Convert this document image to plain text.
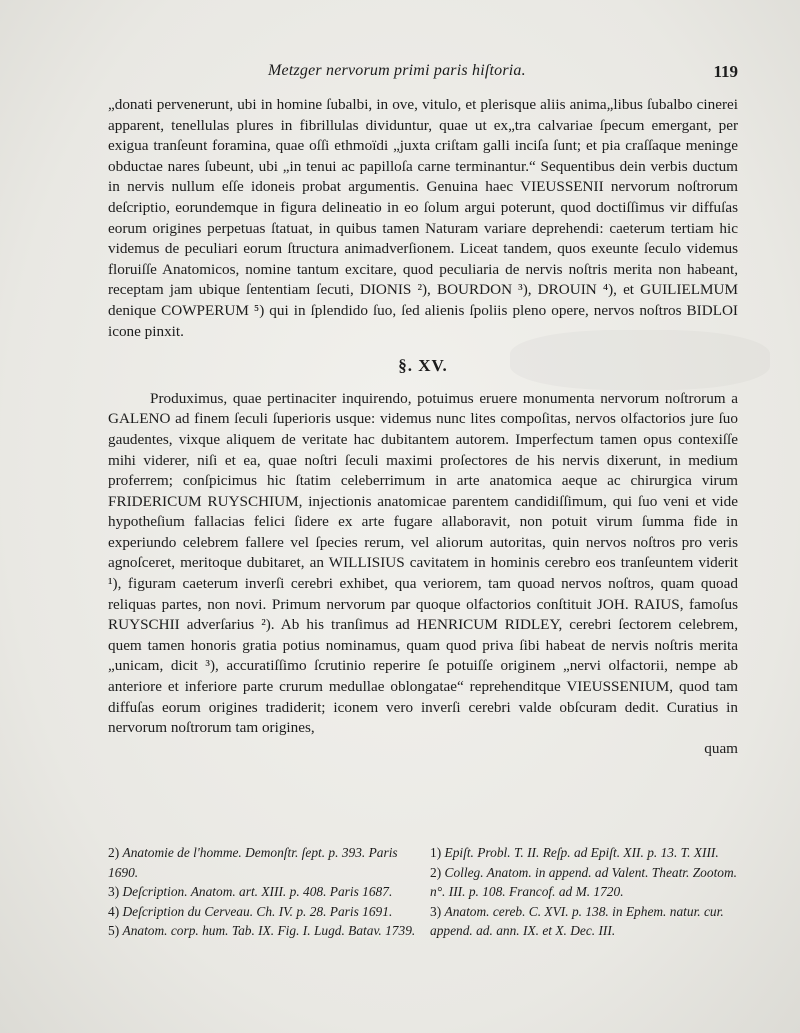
Metzger nervorum primi paris hiſtoria.	119

„donati pervenerunt, ubi in homine ſubalbi, in ove, vitulo, et plerisque aliis anima„libus ſubalbo cinerei apparent, tenellulas plures in fibrillulas dividuntur, quae ut ex„tra calvariae ſpecum emergant, per exigua tranſeunt foramina, quae oſſi ethmoïdi „juxta criſtam galli inciſa ſunt; et pia craſſaque meninge obductae nares ſubeunt, ubi „in tenui ac papilloſa carne terminantur.“ Sequentibus dein verbis ductum in nervis nullum eſſe idoneis probat argumentis. Genuina haec VIEUSSENII nervorum noſtrorum deſcriptio, eorundemque in figura delineatio in eo ſolum argui poterunt, quod doctiſſimus vir diffuſas eorum origines perpetuas ſtatuat, in quibus tamen Naturam variare deprehendi: caeterum tertiam hic videmus de peculiari eorum ſtructura animadverſionem. Liceat tandem, quos exeunte ſeculo videmus floruiſſe Anatomicos, nomine tantum excitare, quod peculiaria de nervis noſtris merita non habeant, receptam jam ubique ſententiam ſecuti, DIONIS ²), BOURDON ³), DROUIN ⁴), et GUILIELMUM denique COWPERUM ⁵) qui in ſplendido ſuo, ſed alienis ſpoliis pleno opere, nervos noſtros BIDLOI icone pinxit.

§. XV.

Produximus, quae pertinaciter inquirendo, potuimus eruere monumenta nervorum noſtrorum a GALENO ad finem ſeculi ſuperioris usque: videmus nunc lites compoſitas, nervos olfactorios jure ſuo gaudentes, vixque aliquem de veritate hac dubitantem autorem. Imperfectum tamen opus contexiſſe mihi viderer, niſi et ea, quae noſtri ſeculi maximi proſectores de his nervis dixerunt, in medium proferrem; conſpicimus hic ſtatim celeberrimum in arte anatomica aeque ac chirurgica virum FRIDERICUM RUYSCHIUM, injectionis anatomicae parentem candidiſſimum, qui ſuo veni et vide hypotheſium fallacias felici ſidere ex arte fugare allaboravit, non potuit virum ſumma fide in experiundo celebrem fallere vel ſpecies rerum, vel aliorum autoritas, quin nervos noſtros pro veris agnoſceret, meritoque dubitaret, an WILLISIUS cavitatem in hominis cerebro eos tranſeuntem viderit ¹), figuram caeterum inverſi cerebri exhibet, qua veriorem, tam quoad nervos noſtros, quam quoad reliquas partes, non novi. Primum nervorum par quoque olfactorios conſtituit JOH. RAIUS, famoſus RUYSCHII adverſarius ²). Ab his tranſimus ad HENRICUM RIDLEY, cerebri ſectorem celebrem, quem tamen honoris gratia potius nominamus, quam quod priva ſibi habeat de nervis noſtris merita „unicam, dicit ³), accuratiſſimo ſcrutinio reperire ſe potuiſſe originem „nervi olfactorii, nempe ab anteriore et inferiore parte crurum medullae oblongatae“ reprehenditque VIEUSSENIUM, quod tam diffuſas eorum origines tradiderit; iconem vero inverſi cerebri valde obſcuram dedit. Curatius in nervorum noſtrorum tam origines,

quam

2) Anatomie de l'homme. Demonſtr. ſept. p. 393. Paris 1690.

3) Deſcription. Anatom. art. XIII. p. 408. Paris 1687.

4) Deſcription du Cerveau. Ch. IV. p. 28. Paris 1691.

5) Anatom. corp. hum. Tab. IX. Fig. I. Lugd. Batav. 1739.

1) Epiſt. Probl. T. II. Reſp. ad Epiſt. XII. p. 13. T. XIII.

2) Colleg. Anatom. in append. ad Valent. Theatr. Zootom. n°. III. p. 108. Francof. ad M. 1720.

3) Anatom. cereb. C. XVI. p. 138. in Ephem. natur. cur. append. ad. ann. IX. et X. Dec. III.
